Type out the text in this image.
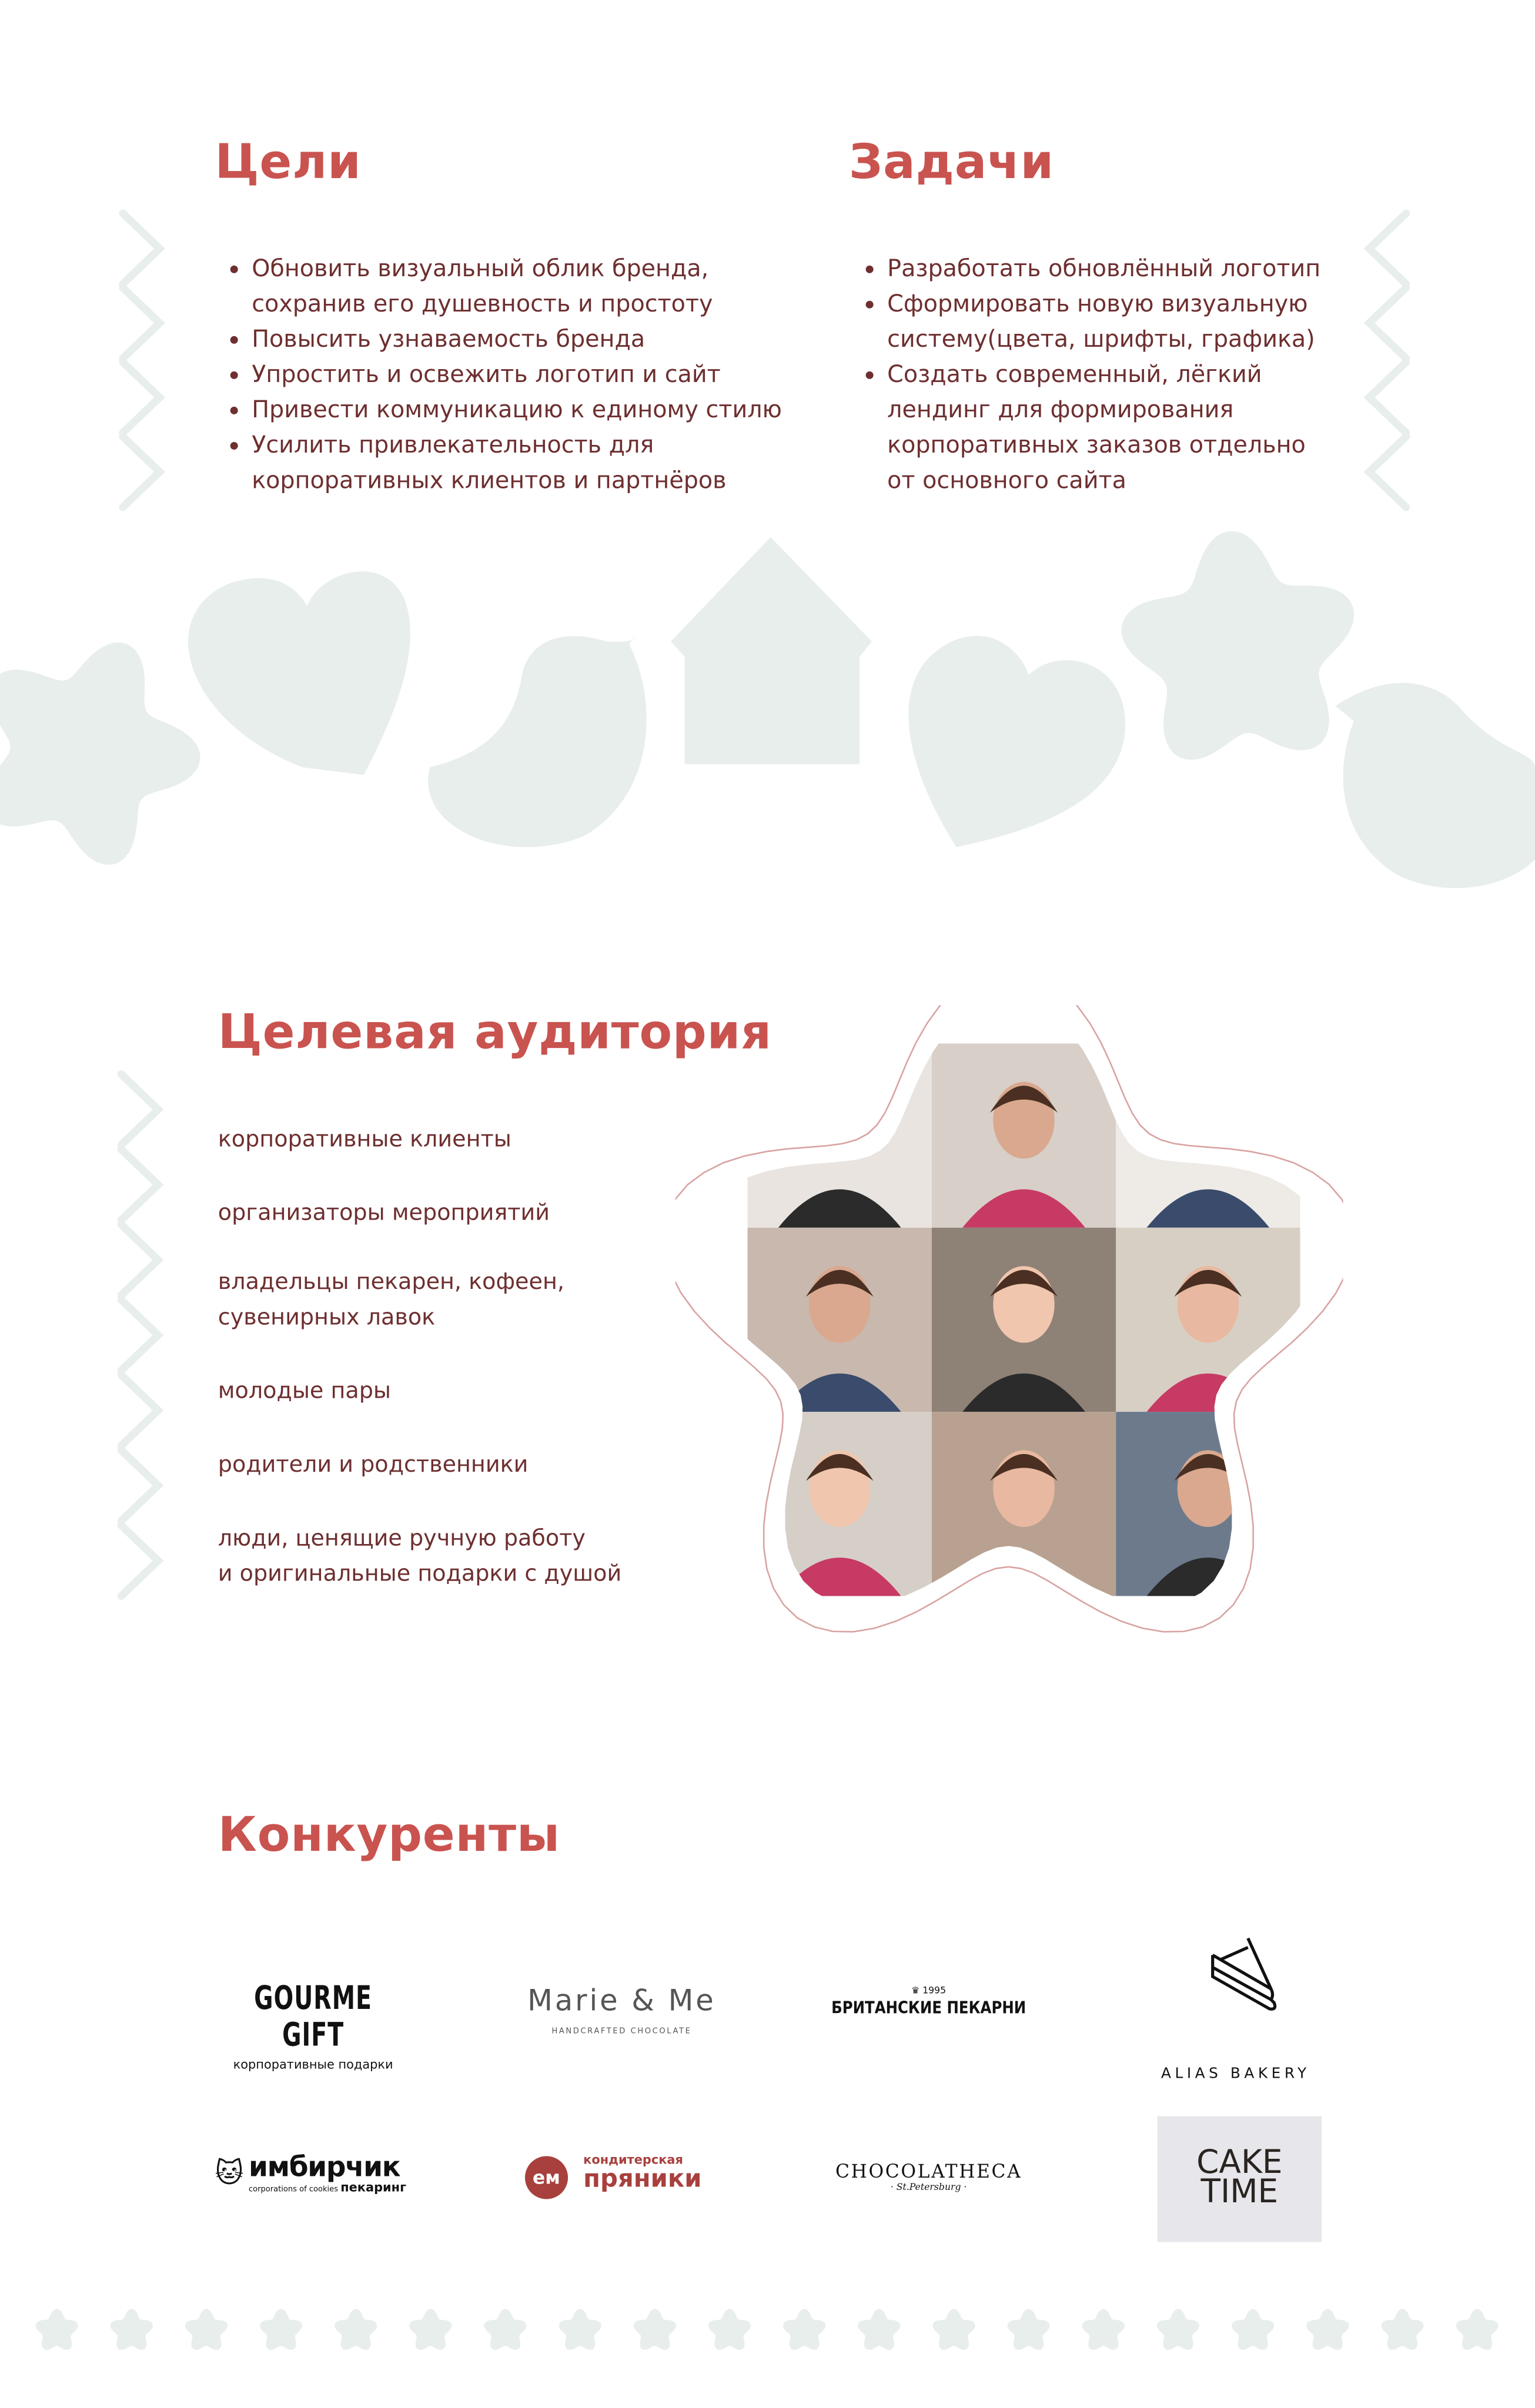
Цели
Обновить визуальный облик бренда, сохранив его душевность и простоту
Повысить узнаваемость бренда
Упростить и освежить логотип и сайт
Привести коммуникацию к единому стилю
Усилить привлекательность для корпоративных клиентов и партнёров
Задачи
Разработать обновлённый логотип
Сформировать новую визуальную систему(цвета, шрифты, графика)
Создать современный, лёгкий лендинг для формирования корпоративных заказов отдельно от основного сайта
Целевая аудитория
корпоративные клиенты
организаторы мероприятий
владельцы пекарен, кофеен,
сувенирных лавок
молодые пары
родители и родственники
люди, ценящие ручную работу
и оригинальные подарки с душой
Конкуренты
GOURME GIFT
корпоративные подарки
Marie & Me
HANDCRAFTED CHOCOLATE
♛ 1995
БРИТАНСКИЕ ПЕКАРНИ
ALIAS BAKERY
🐱 имбирчик
corporations of cookies пекаринг	ем
кондитерская
пряники	CHOCOLATHECA
· St.Petersburg ·
CAKE
TIME
